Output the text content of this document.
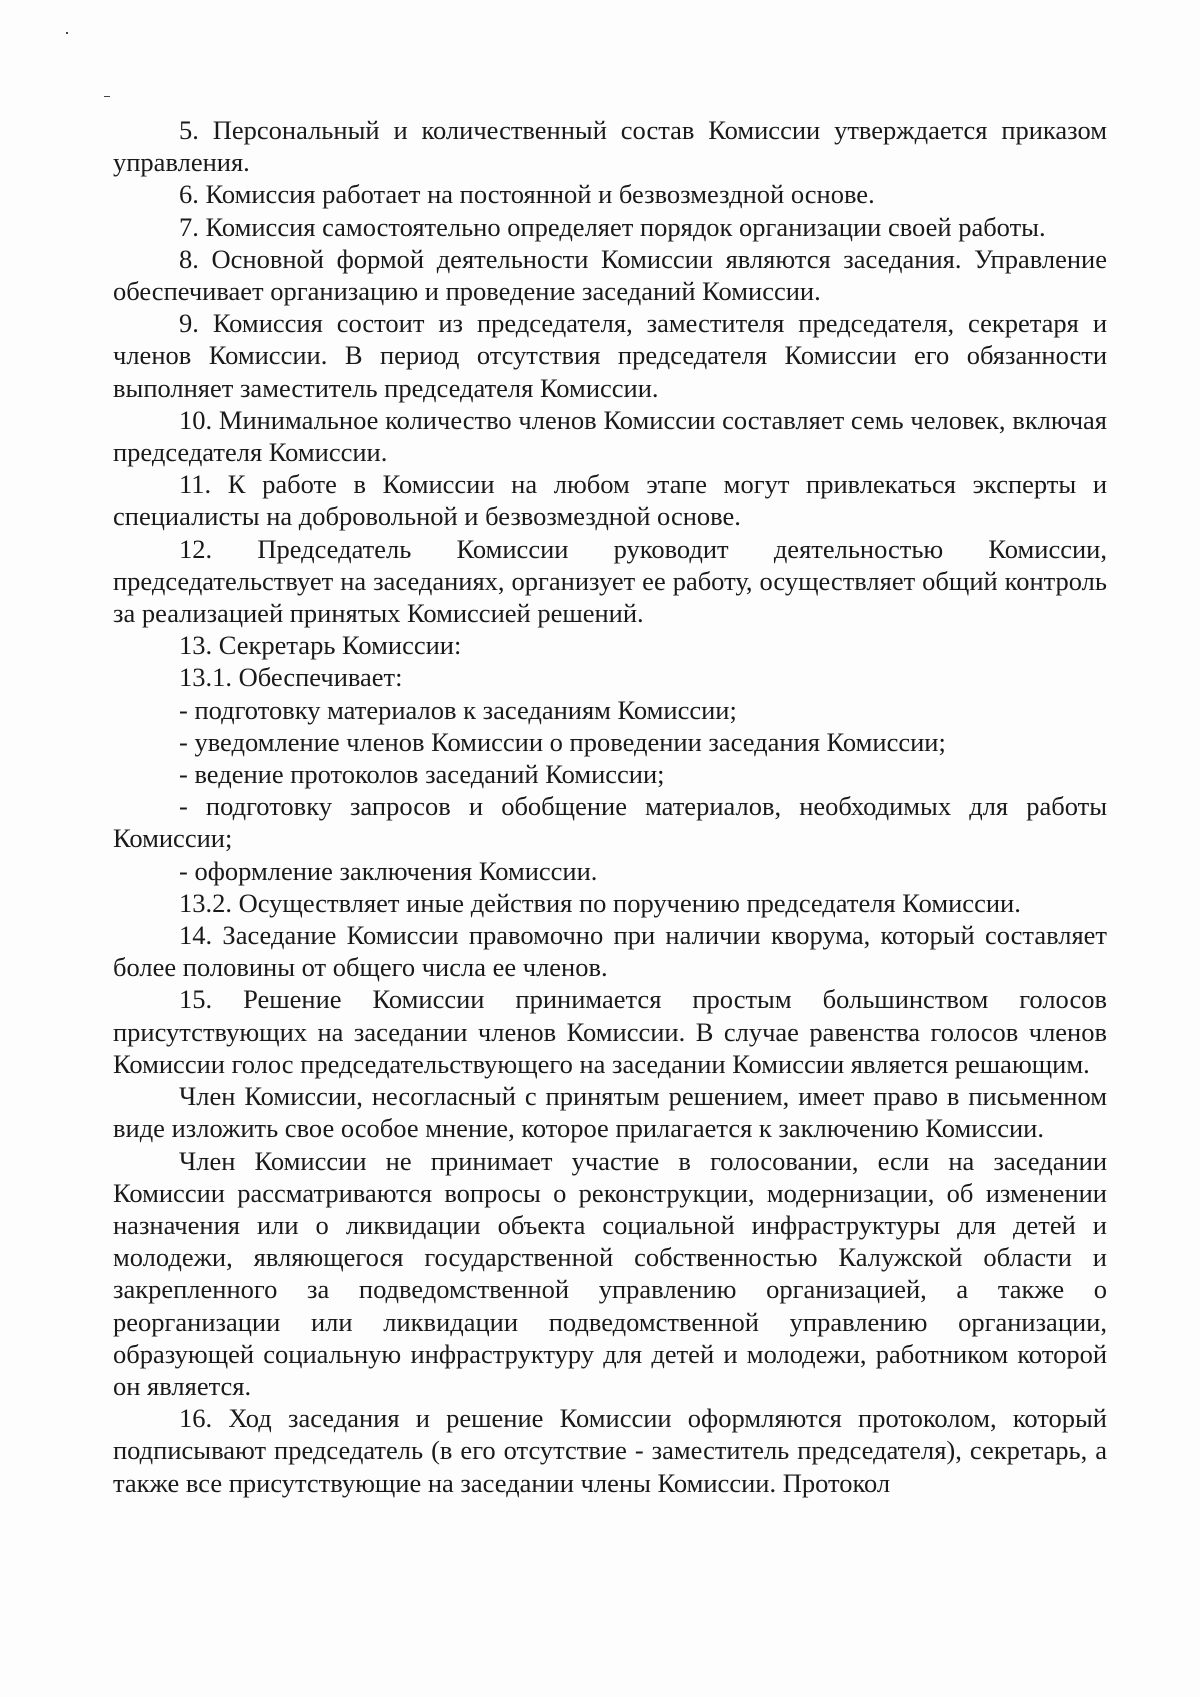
5. Персональный и количественный состав Комиссии утверждается приказом управления.

6. Комиссия работает на постоянной и безвозмездной основе.

7. Комиссия самостоятельно определяет порядок организации своей работы.

8. Основной формой деятельности Комиссии являются заседания. Управление обеспечивает организацию и проведение заседаний Комиссии.

9. Комиссия состоит из председателя, заместителя председателя, секретаря и членов Комиссии. В период отсутствия председателя Комиссии его обязанности выполняет заместитель председателя Комиссии.

10. Минимальное количество членов Комиссии составляет семь человек, включая председателя Комиссии.

11. К работе в Комиссии на любом этапе могут привлекаться эксперты и специалисты на добровольной и безвозмездной основе.

12. Председатель Комиссии руководит деятельностью Комиссии, председательствует на заседаниях, организует ее работу, осуществляет общий контроль за реализацией принятых Комиссией решений.

13. Секретарь Комиссии:

13.1. Обеспечивает:

- подготовку материалов к заседаниям Комиссии;

- уведомление членов Комиссии о проведении заседания Комиссии;

- ведение протоколов заседаний Комиссии;

- подготовку запросов и обобщение материалов, необходимых для работы Комиссии;

- оформление заключения Комиссии.

13.2. Осуществляет иные действия по поручению председателя Комиссии.

14. Заседание Комиссии правомочно при наличии кворума, который составляет более половины от общего числа ее членов.

15. Решение Комиссии принимается простым большинством голосов присутствующих на заседании членов Комиссии. В случае равенства голосов членов Комиссии голос председательствующего на заседании Комиссии является решающим.

Член Комиссии, несогласный с принятым решением, имеет право в письменном виде изложить свое особое мнение, которое прилагается к заключению Комиссии.

Член Комиссии не принимает участие в голосовании, если на заседании Комиссии рассматриваются вопросы о реконструкции, модернизации, об изменении назначения или о ликвидации объекта социальной инфраструктуры для детей и молодежи, являющегося государственной собственностью Калужской области и закрепленного за подведомственной управлению организацией, а также о реорганизации или ликвидации подведомственной управлению организации, образующей социальную инфраструктуру для детей и молодежи, работником которой он является.

16. Ход заседания и решение Комиссии оформляются протоколом, который подписывают председатель (в его отсутствие - заместитель председателя), секретарь, а также все присутствующие на заседании члены Комиссии. Протокол
